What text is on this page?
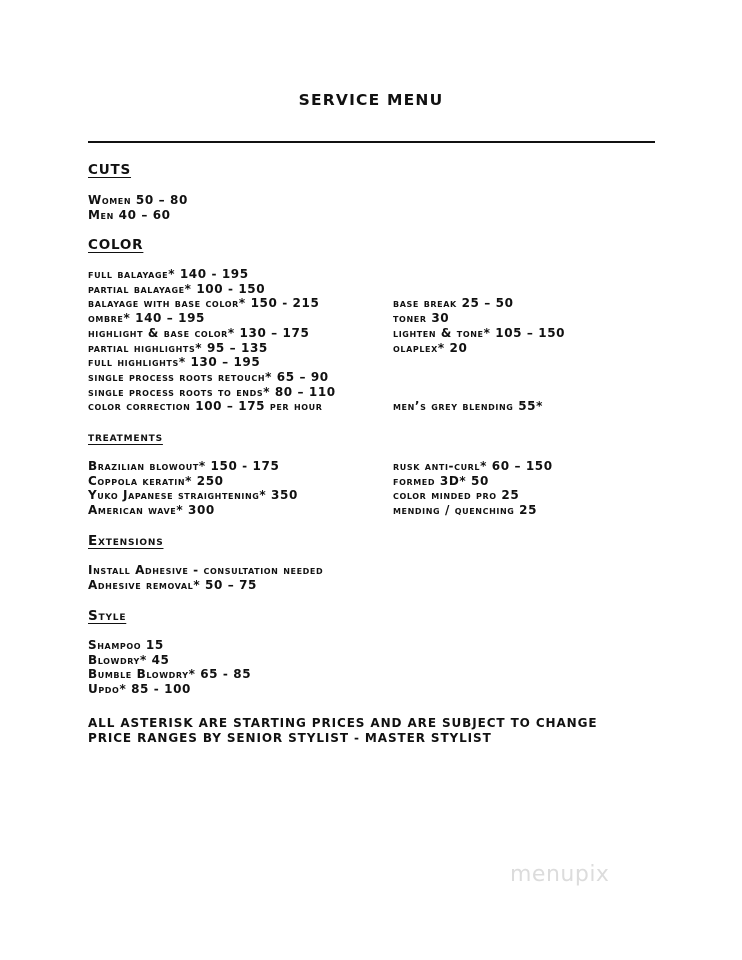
SERVICE MENU
CUTS
Women 50 – 80
Men 40 – 60
COLOR
full balayage* 140 - 195
partial balayage* 100 - 150
balayage with base color* 150 - 215
ombre* 140 – 195
highlight & base color* 130 – 175
partial highlights* 95 – 135
full highlights* 130 – 195
single process roots retouch* 65 – 90
single process roots to ends* 80 – 110
color correction 100 – 175 per hour
base break 25 – 50
toner 30
lighten & tone* 105 – 150
olaplex* 20
men’s grey blending 55*
treatments
Brazilian blowout* 150 - 175
Coppola keratin* 250
Yuko Japanese straightening* 350
American wave* 300
rusk anti-curl* 60 – 150
formed 3D* 50
color minded pro 25
mending / quenching 25
Extensions
Install Adhesive - consultation needed
Adhesive removal* 50 – 75
Style
Shampoo 15
Blowdry* 45
Bumble Blowdry* 65 - 85
Updo* 85 - 100
ALL ASTERISK ARE STARTING PRICES AND ARE SUBJECT TO CHANGE
PRICE RANGES BY SENIOR STYLIST - MASTER STYLIST
menupix
